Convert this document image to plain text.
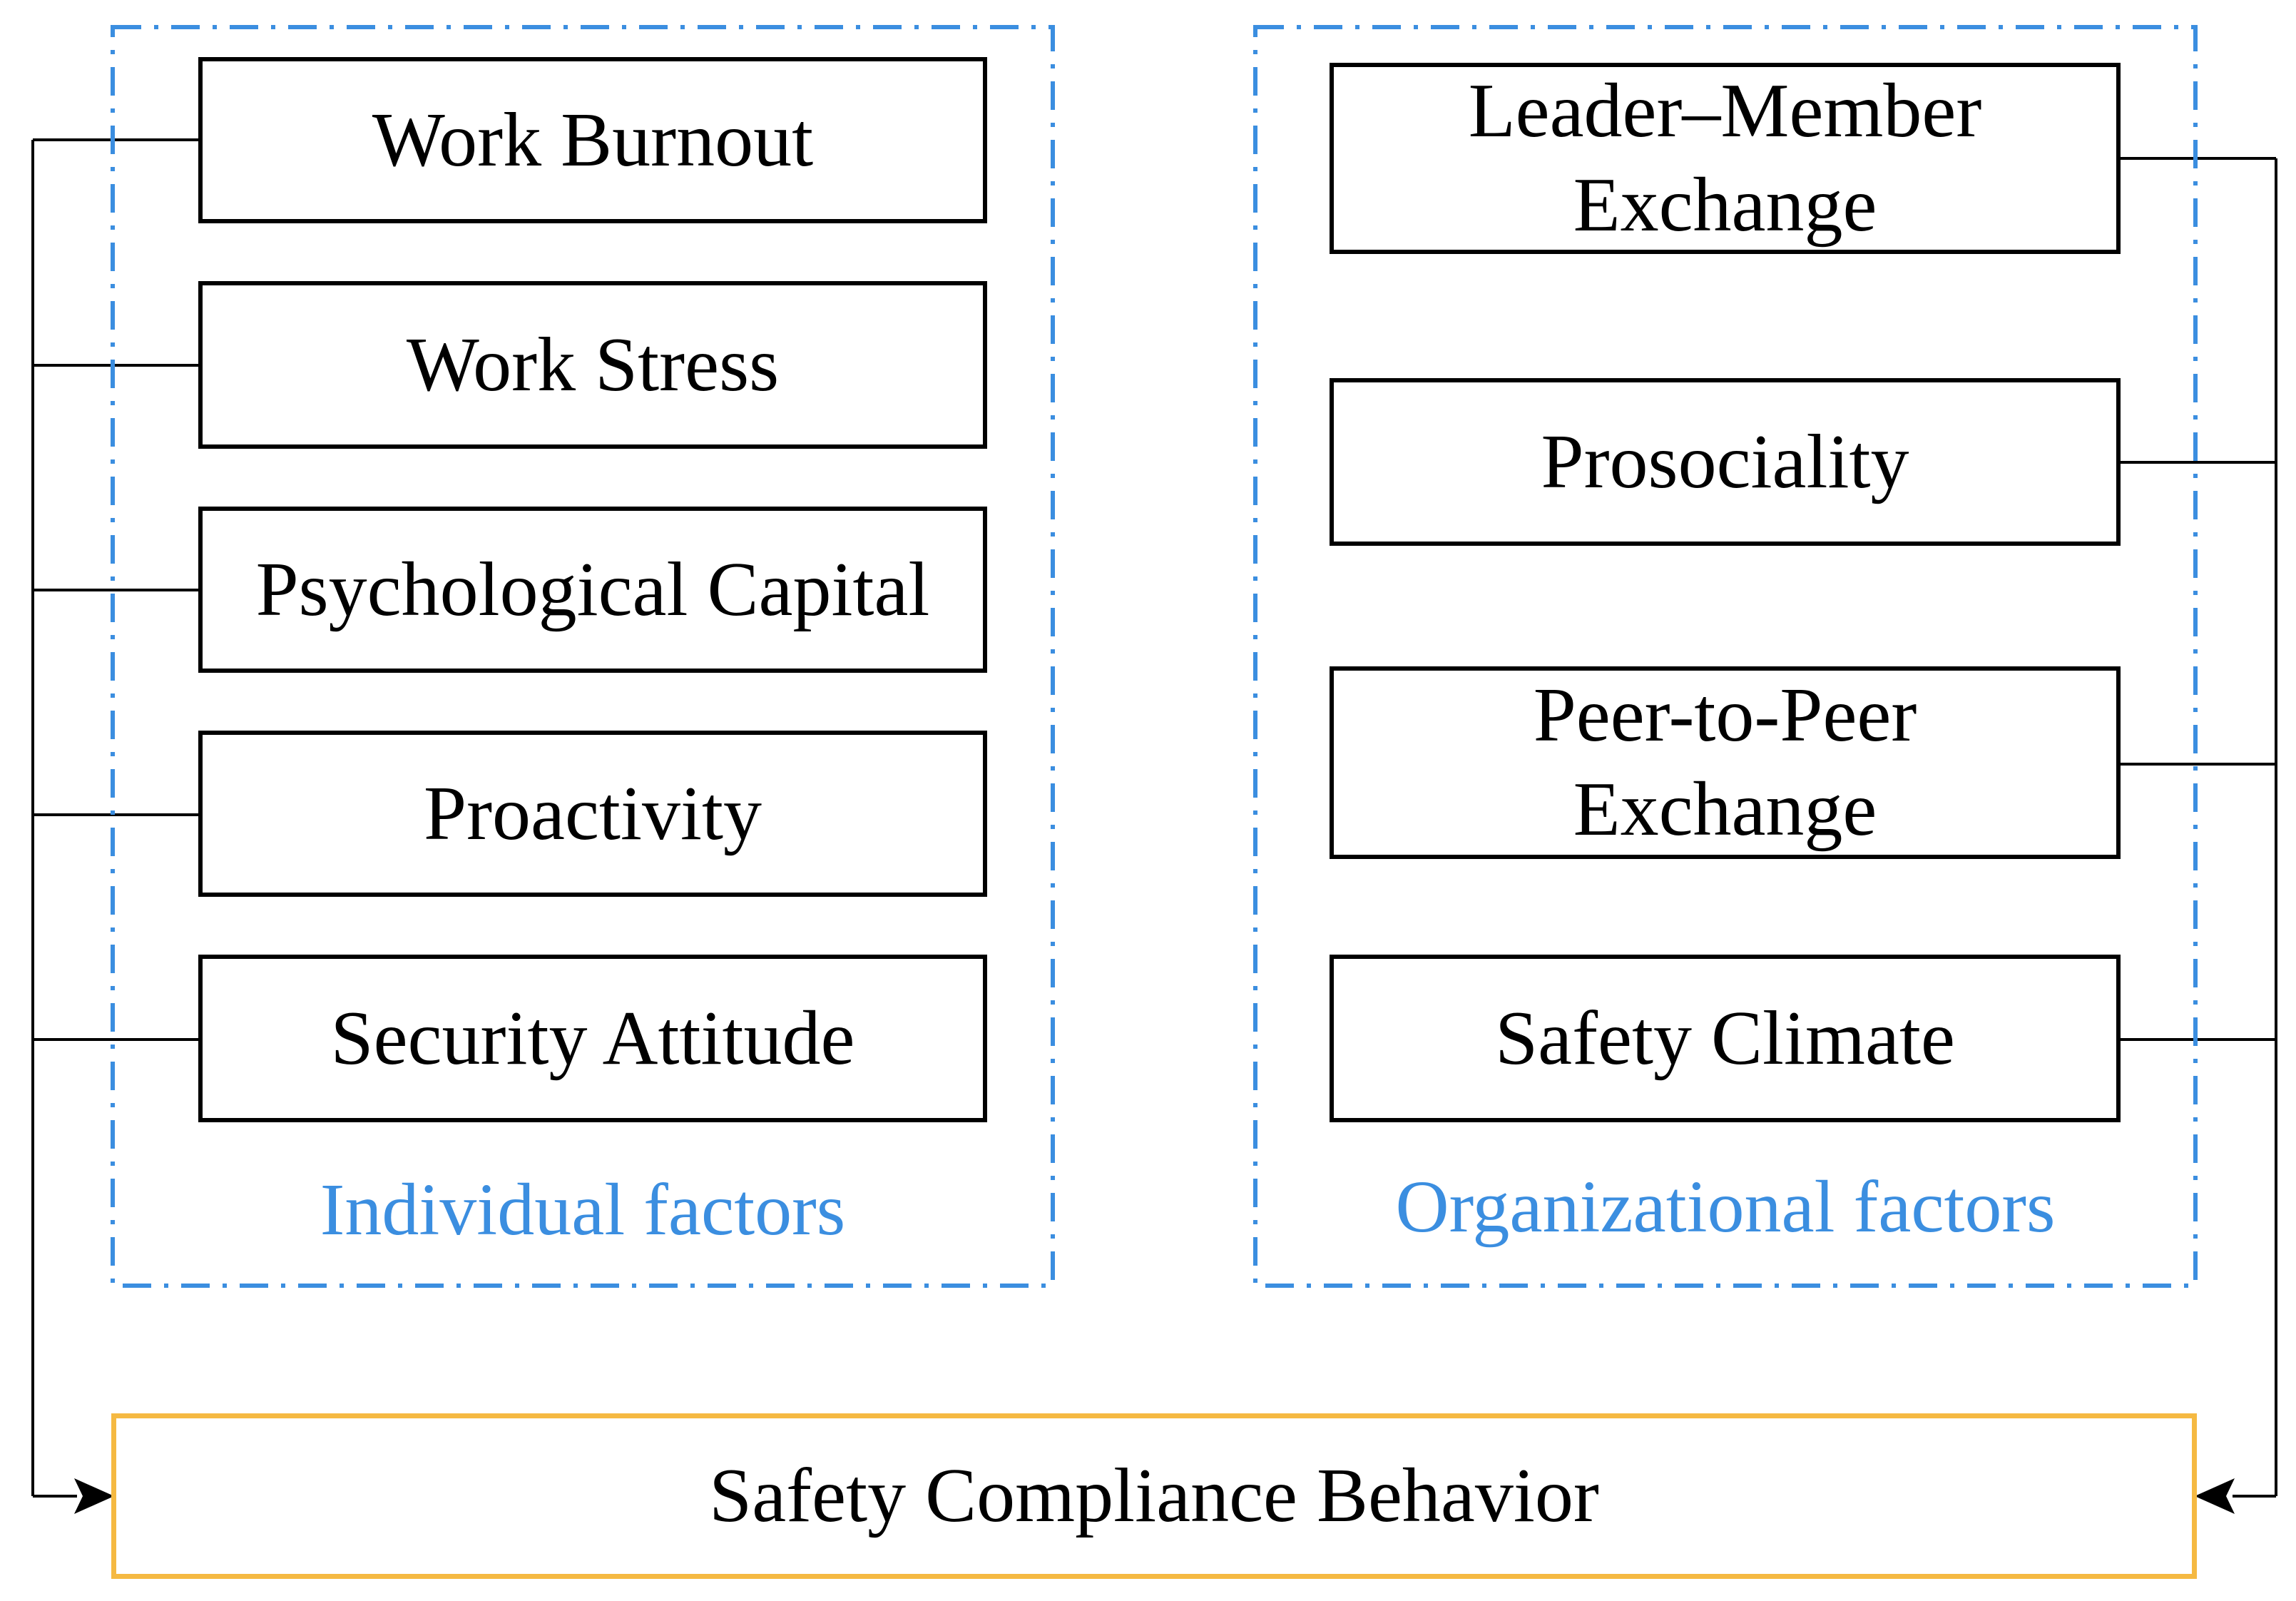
Individual factors	Organizational factors
Work Burnout
Work Stress
Psychological Capital
Proactivity
Security Attitude
Leader–Member
Exchange
Prosociality
Peer-to-Peer
Exchange
Safety Climate
Safety Compliance Behavior
